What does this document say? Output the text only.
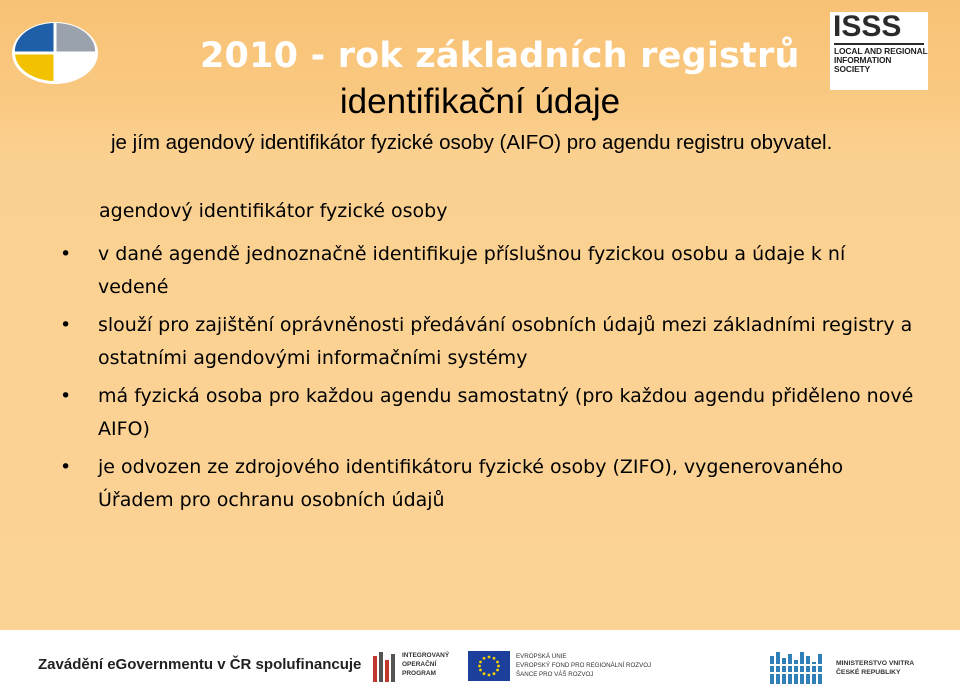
2010 - rok základních registrů
ISSS
LOCAL AND REGIONAL
INFORMATION SOCIETY
identifikační údaje
je jím agendový identifikátor fyzické osoby (AIFO) pro agendu registru obyvatel.
agendový identifikátor fyzické osoby
• v dané agendě jednoznačně identifikuje příslušnou fyzickou osobu a údaje k ní vedené
• slouží pro zajištění oprávněnosti předávání osobních údajů mezi základními registry a ostatními agendovými informačními systémy
• má fyzická osoba pro každou agendu samostatný (pro každou agendu přiděleno nové AIFO)
• je odvozen ze zdrojového identifikátoru fyzické osoby (ZIFO), vygenerovaného Úřadem pro ochranu osobních údajů
Zavádění eGovernmentu v ČR spolufinancuje
INTEGROVANÝ
OPERAČNÍ
PROGRAM
EVROPSKÁ UNIE
EVROPSKÝ FOND PRO REGIONÁLNÍ ROZVOJ
ŠANCE PRO VÁŠ ROZVOJ
MINISTERSTVO VNITRA
ČESKÉ REPUBLIKY
